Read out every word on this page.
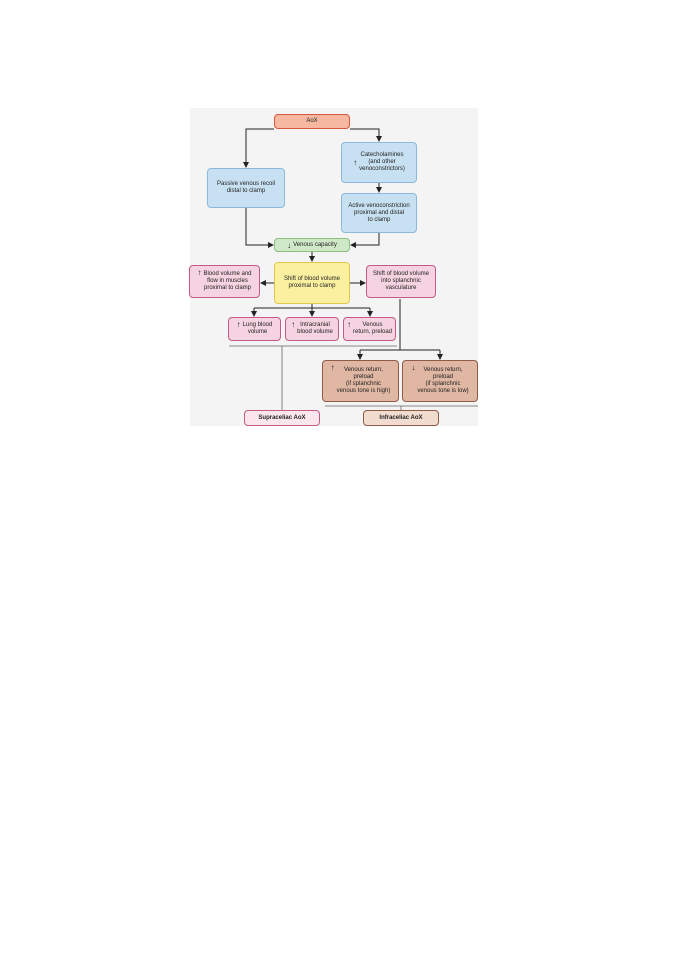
AoX
Passive venous recoil
distal to clamp
↑
Catecholamines
(and other
venoconstrictors)
Active venoconstriction
proximal and distal
to clamp
↓ Venous capacity
↑ Blood volume and
flow in muscles
proximal to clamp
Shift of blood volume
proximal to clamp
Shift of blood volume
into splanchnic
vasculature
↑ Lung blood
volume
↑ Intracranial
blood volume
↑	Venous
return, preload
↑	Venous return,
preload
(if splanchnic
venous tone is high)
↓	Venous return,
preload
(if splanchnic
venous tone is low)
Supraceliac AoX	Infraceliac AoX
